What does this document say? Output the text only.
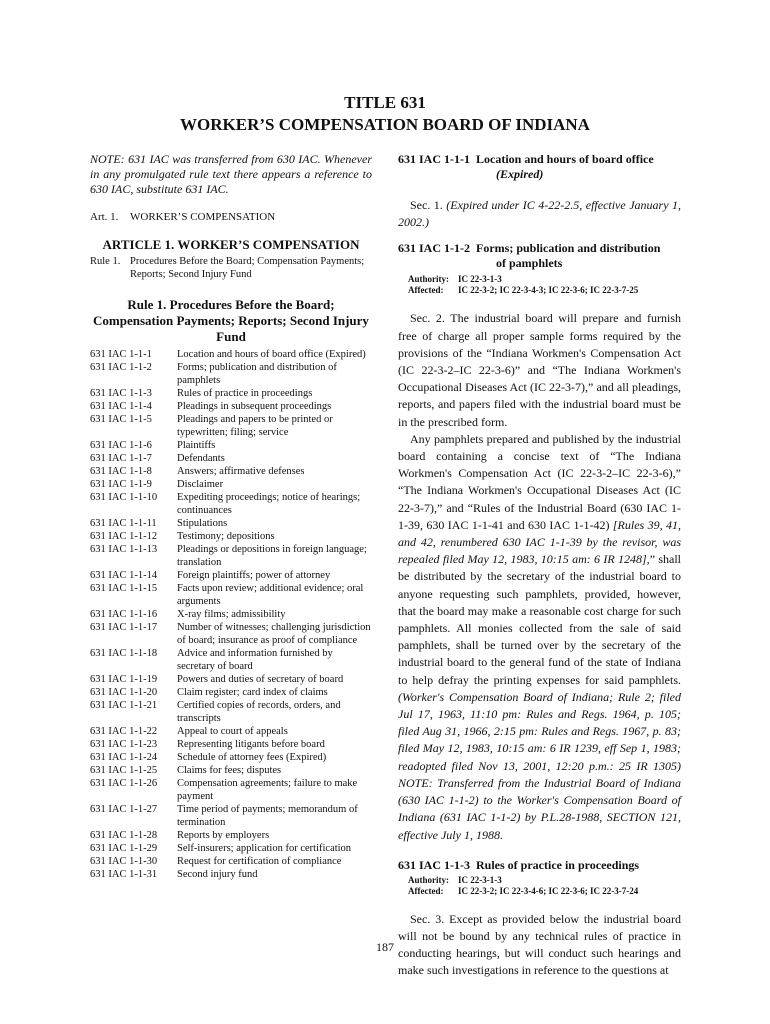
TITLE 631
WORKER’S COMPENSATION BOARD OF INDIANA

NOTE: 631 IAC was transferred from 630 IAC. Whenever in any promulgated rule text there appears a reference to 630 IAC, substitute 631 IAC.

Art. 1. WORKER’S COMPENSATION
ARTICLE 1. WORKER’S COMPENSATION
Rule 1. Procedures Before the Board; Compensation Payments; Reports; Second Injury Fund
Rule 1. Procedures Before the Board; Compensation Payments; Reports; Second Injury Fund
631 IAC 1-1-1	Location and hours of board office (Expired)
631 IAC 1-1-2	Forms; publication and distribution of pamphlets
631 IAC 1-1-3	Rules of practice in proceedings
631 IAC 1-1-4	Pleadings in subsequent proceedings
631 IAC 1-1-5	Pleadings and papers to be printed or typewritten; filing; service
631 IAC 1-1-6	Plaintiffs
631 IAC 1-1-7	Defendants
631 IAC 1-1-8	Answers; affirmative defenses
631 IAC 1-1-9	Disclaimer
631 IAC 1-1-10	Expediting proceedings; notice of hearings; continuances
631 IAC 1-1-11	Stipulations
631 IAC 1-1-12	Testimony; depositions
631 IAC 1-1-13	Pleadings or depositions in foreign language; translation
631 IAC 1-1-14	Foreign plaintiffs; power of attorney
631 IAC 1-1-15	Facts upon review; additional evidence; oral arguments
631 IAC 1-1-16	X-ray films; admissibility
631 IAC 1-1-17	Number of witnesses; challenging jurisdiction of board; insurance as proof of compliance
631 IAC 1-1-18	Advice and information furnished by secretary of board
631 IAC 1-1-19	Powers and duties of secretary of board
631 IAC 1-1-20	Claim register; card index of claims
631 IAC 1-1-21	Certified copies of records, orders, and transcripts
631 IAC 1-1-22	Appeal to court of appeals
631 IAC 1-1-23	Representing litigants before board
631 IAC 1-1-24	Schedule of attorney fees (Expired)
631 IAC 1-1-25	Claims for fees; disputes
631 IAC 1-1-26	Compensation agreements; failure to make payment
631 IAC 1-1-27	Time period of payments; memorandum of termination
631 IAC 1-1-28	Reports by employers
631 IAC 1-1-29	Self-insurers; application for certification
631 IAC 1-1-30	Request for certification of compliance
631 IAC 1-1-31	Second injury fund
631 IAC 1-1-1 Location and hours of board office
(Expired)

Sec. 1. (Expired under IC 4-22-2.5, effective January 1, 2002.)

631 IAC 1-1-2 Forms; publication and distribution
of pamphlets
Authority: IC 22-3-1-3
Affected: IC 22-3-2; IC 22-3-4-3; IC 22-3-6; IC 22-3-7-25

Sec. 2. The industrial board will prepare and furnish free of charge all proper sample forms required by the provisions of the “Indiana Workmen's Compensation Act (IC 22-3-2–IC 22-3-6)” and “The Indiana Workmen's Occupational Diseases Act (IC 22-3-7),” and all pleadings, reports, and papers filed with the industrial board must be in the prescribed form.

Any pamphlets prepared and published by the industrial board containing a concise text of “The Indiana Workmen's Compensation Act (IC 22-3-2–IC 22-3-6),” “The Indiana Workmen's Occupational Diseases Act (IC 22-3-7),” and “Rules of the Industrial Board (630 IAC 1-1-39, 630 IAC 1-1-41 and 630 IAC 1-1-42) [Rules 39, 41, and 42, renumbered 630 IAC 1-1-39 by the revisor, was repealed filed May 12, 1983, 10:15 am: 6 IR 1248],” shall be distributed by the secretary of the industrial board to anyone requesting such pamphlets, provided, however, that the board may make a reasonable cost charge for such pamphlets. All monies collected from the sale of said pamphlets, shall be turned over by the secretary of the industrial board to the general fund of the state of Indiana to help defray the printing expenses for said pamphlets. (Worker's Compensation Board of Indiana; Rule 2; filed Jul 17, 1963, 11:10 pm: Rules and Regs. 1964, p. 105; filed Aug 31, 1966, 2:15 pm: Rules and Regs. 1967, p. 83; filed May 12, 1983, 10:15 am: 6 IR 1239, eff Sep 1, 1983; readopted filed Nov 13, 2001, 12:20 p.m.: 25 IR 1305) NOTE: Transferred from the Industrial Board of Indiana (630 IAC 1-1-2) to the Worker's Compensation Board of Indiana (631 IAC 1-1-2) by P.L.28-1988, SECTION 121, effective July 1, 1988.

631 IAC 1-1-3 Rules of practice in proceedings
Authority: IC 22-3-1-3
Affected: IC 22-3-2; IC 22-3-4-6; IC 22-3-6; IC 22-3-7-24

Sec. 3. Except as provided below the industrial board will not be bound by any technical rules of practice in conducting hearings, but will conduct such hearings and make such investigations in reference to the questions at

187
